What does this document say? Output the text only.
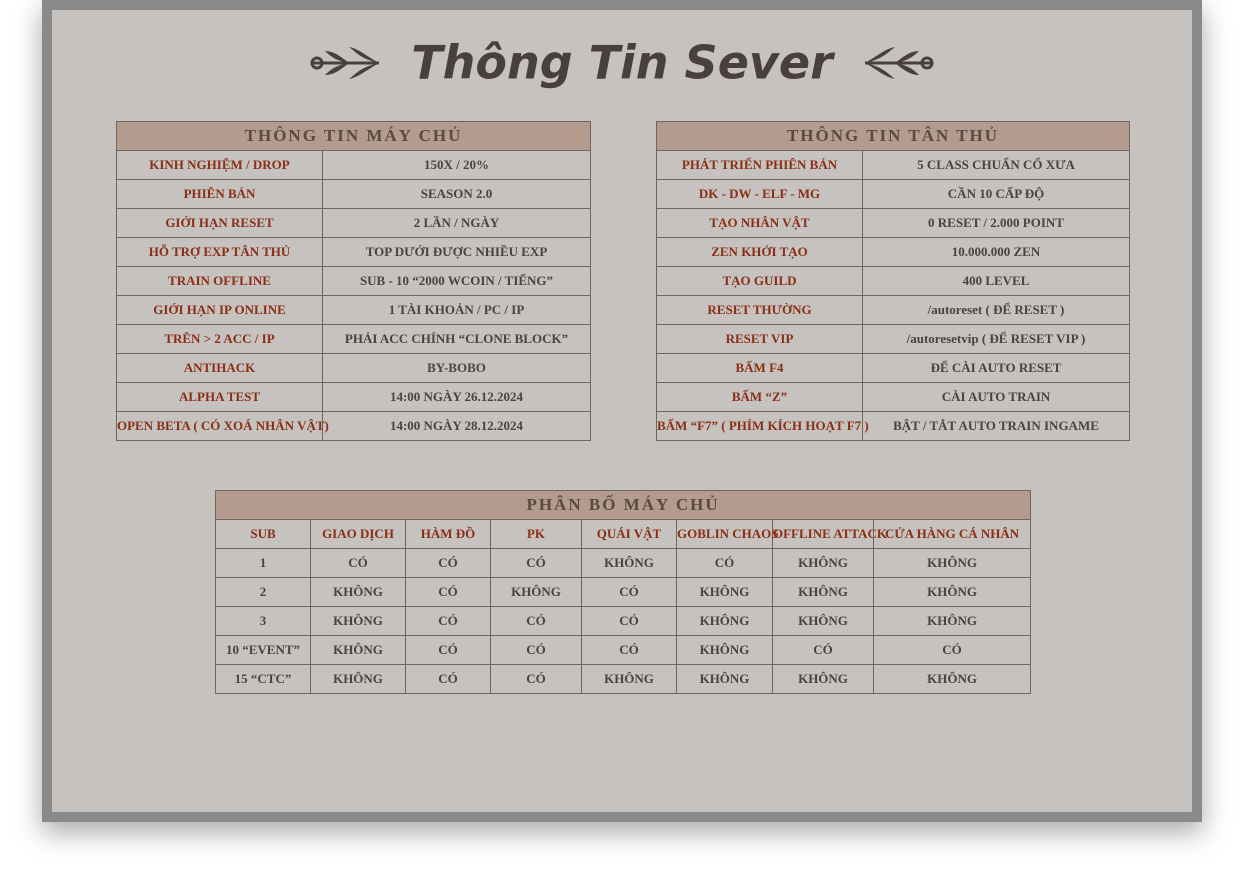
Thông Tin Sever
THÔNG TIN MÁY CHỦ	
KINH NGHIỆM / DROP	150X / 20%
PHIÊN BẢN	SEASON 2.0
GIỚI HẠN RESET	2 LẦN / NGÀY
HỖ TRỢ EXP TÂN THỦ	TOP DƯỚI ĐƯỢC NHIỀU EXP
TRAIN OFFLINE	SUB - 10 “2000 WCOIN / TIẾNG”
GIỚI HẠN IP ONLINE	1 TÀI KHOẢN / PC / IP
TRÊN > 2 ACC / IP	PHẢI ACC CHÍNH “CLONE BLOCK”
ANTIHACK	BY-BOBO
ALPHA TEST	14:00 NGÀY 26.12.2024
OPEN BETA ( CÓ XOÁ NHÂN VẬT)	14:00 NGÀY 28.12.2024
THÔNG TIN TÂN THỦ	
PHÁT TRIỂN PHIÊN BẢN	5 CLASS CHUẨN CỔ XƯA
DK - DW - ELF - MG	CẦN 10 CẤP ĐỘ
TẠO NHÂN VẬT	0 RESET / 2.000 POINT
ZEN KHỞI TẠO	10.000.000 ZEN
TẠO GUILD	400 LEVEL
RESET THƯỜNG	/autoreset ( ĐỂ RESET )
RESET VIP	/autoresetvip ( ĐỂ RESET VIP )
BẤM F4	ĐỂ CÀI AUTO RESET
BẤM “Z”	CÀI AUTO TRAIN
BẤM “F7” ( PHÍM KÍCH HOẠT F7 )	BẬT / TẮT AUTO TRAIN INGAME
PHÂN BỐ MÁY CHỦ							
SUB	GIAO DỊCH	HÀM ĐỒ	PK	QUÁI VẬT	GOBLIN CHAOS	OFFLINE ATTACK	CỬA HÀNG CÁ NHÂN
1	CÓ	CÓ	CÓ	KHÔNG	CÓ	KHÔNG	KHÔNG
2	KHÔNG	CÓ	KHÔNG	CÓ	KHÔNG	KHÔNG	KHÔNG
3	KHÔNG	CÓ	CÓ	CÓ	KHÔNG	KHÔNG	KHÔNG
10 “EVENT”	KHÔNG	CÓ	CÓ	CÓ	KHÔNG	CÓ	CÓ
15 “CTC”	KHÔNG	CÓ	CÓ	KHÔNG	KHÔNG	KHÔNG	KHÔNG
